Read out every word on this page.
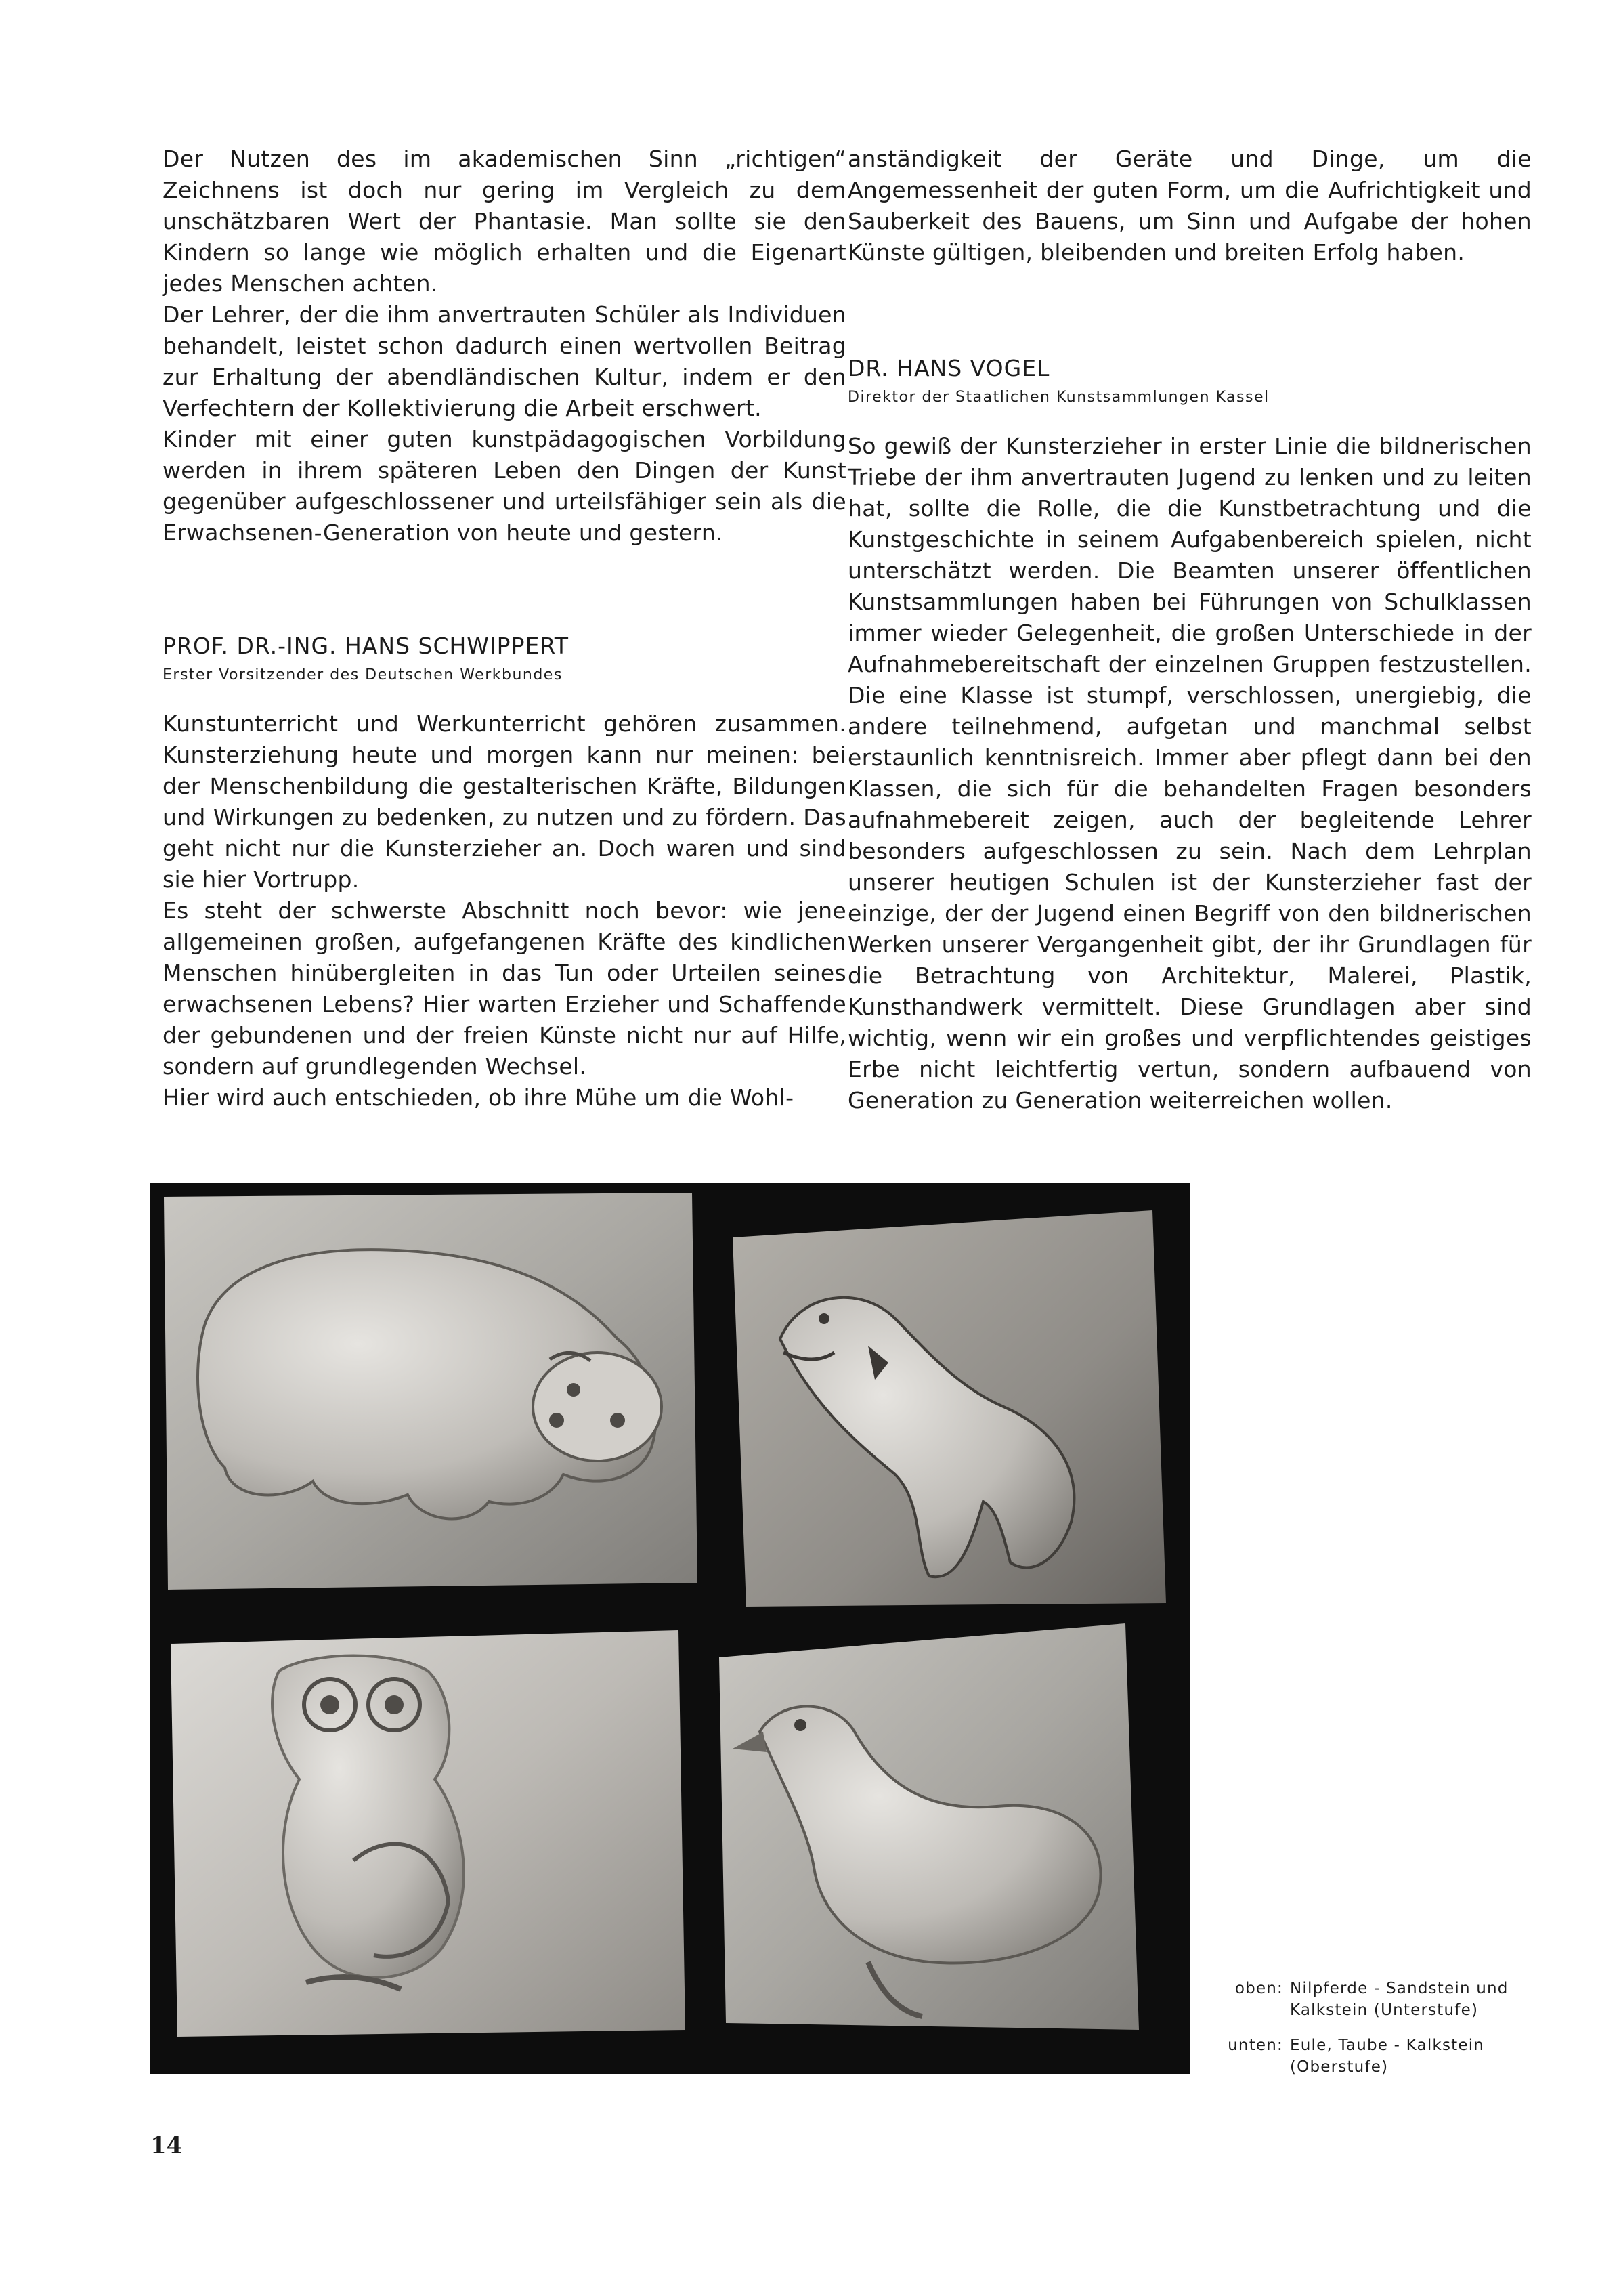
Der Nutzen des im akademischen Sinn „richtigen“ Zeichnens ist doch nur gering im Vergleich zu dem unschätzbaren Wert der Phantasie. Man sollte sie den Kindern so lange wie möglich erhalten und die Eigenart jedes Menschen achten.

Der Lehrer, der die ihm anvertrauten Schüler als Individuen behandelt, leistet schon dadurch einen wertvollen Beitrag zur Erhaltung der abendländischen Kultur, indem er den Verfechtern der Kollektivierung die Arbeit erschwert.

Kinder mit einer guten kunstpädagogischen Vorbildung werden in ihrem späteren Leben den Dingen der Kunst gegenüber aufgeschlossener und urteilsfähiger sein als die Erwachsenen-Generation von heute und gestern.

PROF. DR.-ING. HANS SCHWIPPERT

Erster Vorsitzender des Deutschen Werkbundes

Kunstunterricht und Werkunterricht gehören zusammen. Kunsterziehung heute und morgen kann nur meinen: bei der Menschenbildung die gestalterischen Kräfte, Bildungen und Wirkungen zu bedenken, zu nutzen und zu fördern. Das geht nicht nur die Kunsterzieher an. Doch waren und sind sie hier Vortrupp.

Es steht der schwerste Abschnitt noch bevor: wie jene allgemeinen großen, aufgefangenen Kräfte des kindlichen Menschen hinübergleiten in das Tun oder Urteilen seines erwachsenen Lebens? Hier warten Erzieher und Schaffende der gebundenen und der freien Künste nicht nur auf Hilfe, sondern auf grundlegenden Wechsel.

Hier wird auch entschieden, ob ihre Mühe um die Wohl-

anständigkeit der Geräte und Dinge, um die Angemessenheit der guten Form, um die Aufrichtigkeit und Sauberkeit des Bauens, um Sinn und Aufgabe der hohen Künste gültigen, bleibenden und breiten Erfolg haben.

DR. HANS VOGEL

Direktor der Staatlichen Kunstsammlungen Kassel

So gewiß der Kunsterzieher in erster Linie die bildnerischen Triebe der ihm anvertrauten Jugend zu lenken und zu leiten hat, sollte die Rolle, die die Kunstbetrachtung und die Kunstgeschichte in seinem Aufgabenbereich spielen, nicht unterschätzt werden. Die Beamten unserer öffentlichen Kunstsammlungen haben bei Führungen von Schulklassen immer wieder Gelegenheit, die großen Unterschiede in der Aufnahmebereitschaft der einzelnen Gruppen festzustellen. Die eine Klasse ist stumpf, verschlossen, unergiebig, die andere teilnehmend, aufgetan und manchmal selbst erstaunlich kenntnisreich. Immer aber pflegt dann bei den Klassen, die sich für die behandelten Fragen besonders aufnahmebereit zeigen, auch der begleitende Lehrer besonders aufgeschlossen zu sein. Nach dem Lehrplan unserer heutigen Schulen ist der Kunsterzieher fast der einzige, der der Jugend einen Begriff von den bildnerischen Werken unserer Vergangenheit gibt, der ihr Grundlagen für die Betrachtung von Architektur, Malerei, Plastik, Kunsthandwerk vermittelt. Diese Grundlagen aber sind wichtig, wenn wir ein großes und verpflichtendes geistiges Erbe nicht leichtfertig vertun, sondern aufbauend von Generation zu Generation weiterreichen wollen.

oben: Nilpferde - Sandstein und Kalkstein (Unterstufe)
unten: Eule, Taube - Kalkstein (Oberstufe)
14
